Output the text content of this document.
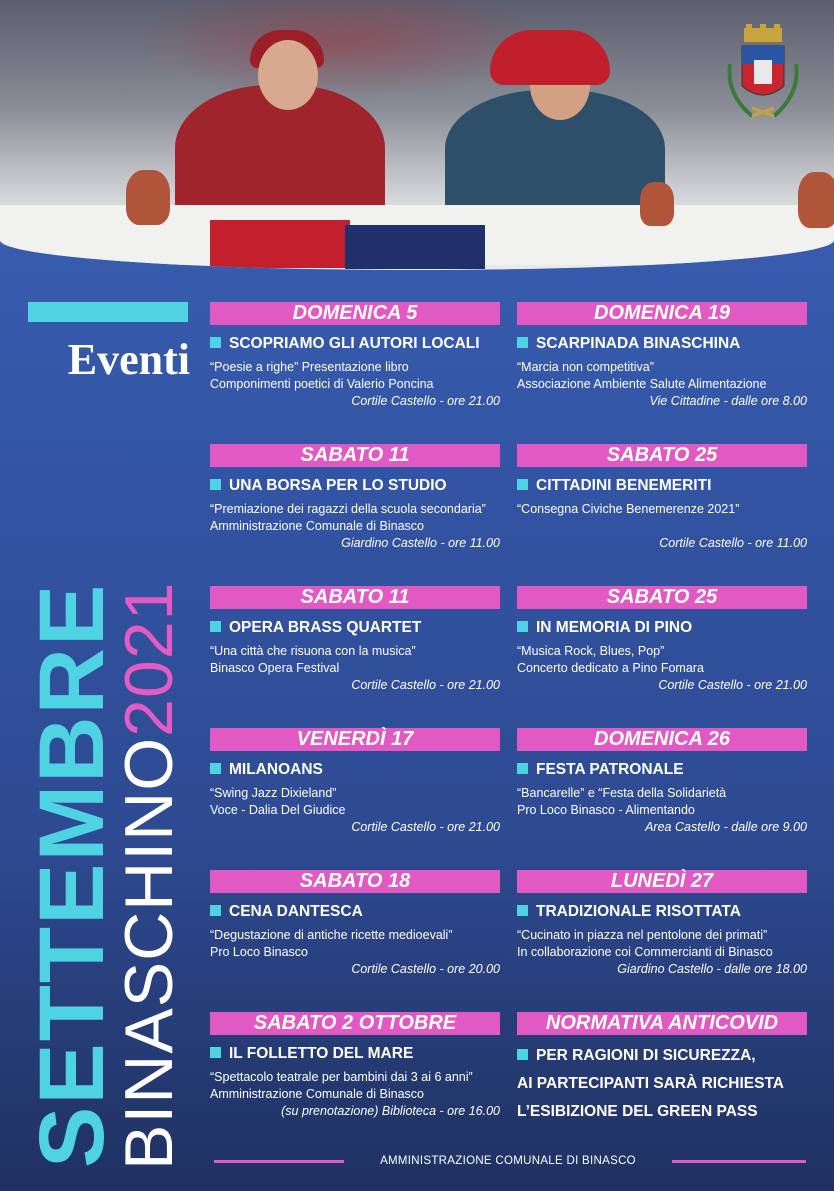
Eventi
SETTEMBRE
BINASCHINO2021
DOMENICA 5
SCOPRIAMO GLI AUTORI LOCALI
“Poesie a righe” Presentazione libro
Componimenti poetici di Valerio Poncina
Cortile Castello - ore 21.00
SABATO 11
UNA BORSA PER LO STUDIO
“Premiazione dei ragazzi della scuola secondaria”
Amministrazione Comunale di Binasco
Giardino Castello - ore 11.00
SABATO 11
OPERA BRASS QUARTET
“Una città che risuona con la musica”
Binasco Opera Festival
Cortile Castello - ore 21.00
VENERDÌ 17
MILANOANS
“Swing Jazz Dixieland”
Voce - Dalia Del Giudice
Cortile Castello - ore 21.00
SABATO 18
CENA DANTESCA
“Degustazione di antiche ricette medioevali”
Pro Loco Binasco
Cortile Castello - ore 20.00
SABATO 2 OTTOBRE
IL FOLLETTO DEL MARE
“Spettacolo teatrale per bambini dai 3 ai 6 anni”
Amministrazione Comunale di Binasco
(su prenotazione) Biblioteca - ore 16.00
DOMENICA 19
SCARPINADA BINASCHINA
“Marcia non competitiva”
Associazione Ambiente Salute Alimentazione
Vie Cittadine - dalle ore 8.00
SABATO 25
CITTADINI BENEMERITI
“Consegna Civiche Benemerenze 2021”
Cortile Castello - ore 11.00
SABATO 25
IN MEMORIA DI PINO
“Musica Rock, Blues, Pop”
Concerto dedicato a Pino Fomara
Cortile Castello - ore 21.00
DOMENICA 26
FESTA PATRONALE
“Bancarelle” e “Festa della Solidarietà
Pro Loco Binasco - Alimentando
Area Castello - dalle ore 9.00
LUNEDÌ 27
TRADIZIONALE RISOTTATA
“Cucinato in piazza nel pentolone dei primati”
In collaborazione coi Commercianti di Binasco
Giardino Castello - dalle ore 18.00
NORMATIVA ANTICOVID
PER RAGIONI DI SICUREZZA,
AI PARTECIPANTI SARÀ RICHIESTA
L’ESIBIZIONE DEL GREEN PASS
AMMINISTRAZIONE COMUNALE DI BINASCO
